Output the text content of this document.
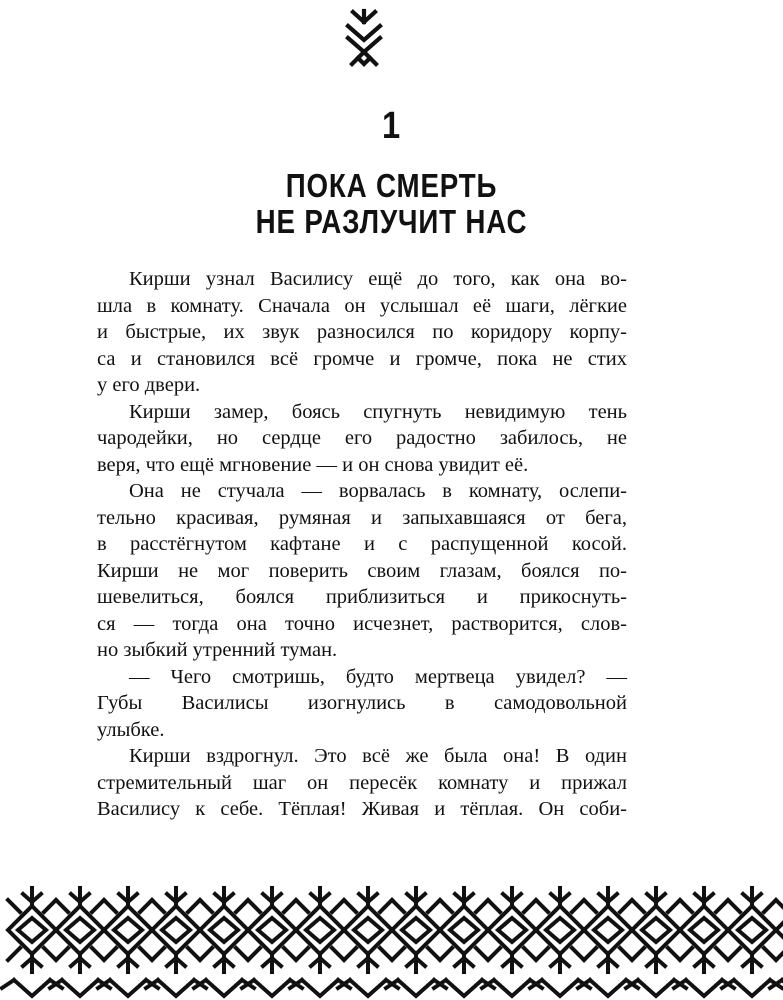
1
ПОКА СМЕРТЬ
НЕ РАЗЛУЧИТ НАС
Кирши узнал Василису ещё до того, как она во-
шла в комнату. Сначала он услышал её шаги, лёгкие
и быстрые, их звук разносился по коридору корпу-
са и становился всё громче и громче, пока не стих
у его двери.
Кирши замер, боясь спугнуть невидимую тень
чародейки, но сердце его радостно забилось, не
веря, что ещё мгновение — и он снова увидит её.
Она не стучала — ворвалась в комнату, ослепи-
тельно красивая, румяная и запыхавшаяся от бега,
в расстёгнутом кафтане и с распущенной косой.
Кирши не мог поверить своим глазам, боялся по-
шевелиться, боялся приблизиться и прикоснуть-
ся — тогда она точно исчезнет, растворится, слов-
но зыбкий утренний туман.
— Чего смотришь, будто мертвеца увидел? —
Губы Василисы изогнулись в самодовольной
улыбке.
Кирши вздрогнул. Это всё же была она! В один
стремительный шаг он пересёк комнату и прижал
Василису к себе. Тёплая! Живая и тёплая. Он соби-
